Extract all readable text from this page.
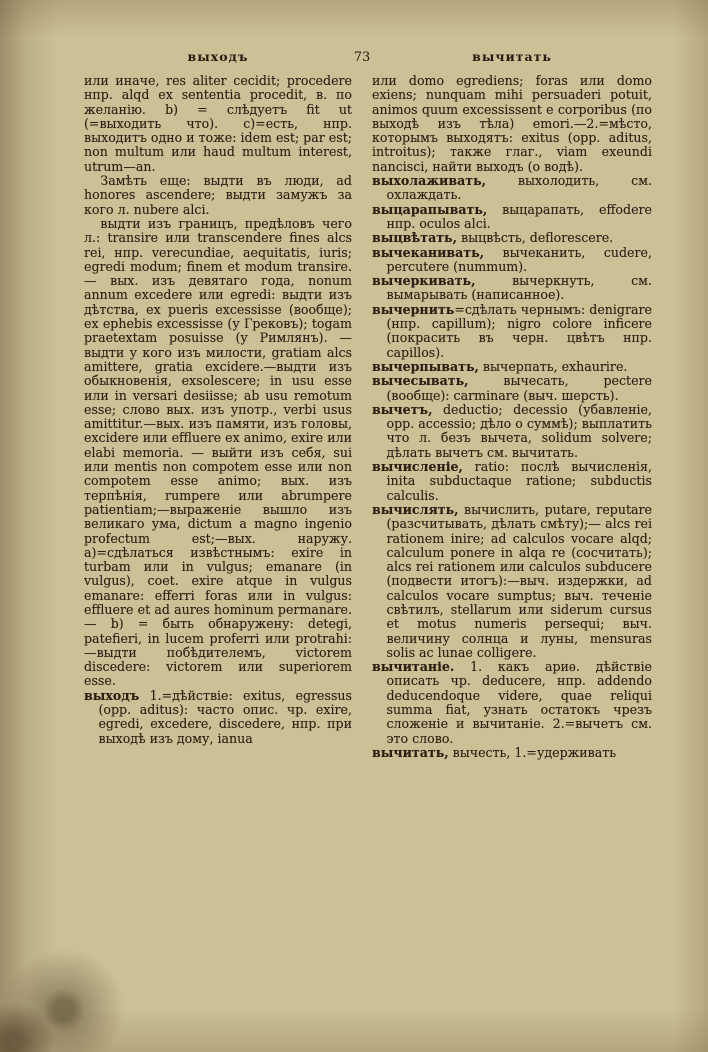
выходъ	73	вычитать

или иначе, res aliter cecidit; procedere нпр. alqd ex sententia procedit, в. по желанію. b) = слѣдуетъ fit ut (=выходить что). c)=есть, нпр. выходитъ одно и тоже: idem est; par est; non multum или haud multum interest, utrum—an.

Замѣть еще: выдти въ люди, ad honores ascendere; выдти замужъ за кого л. nubere alci.

выдти изъ границъ, предѣловъ чего л.: transire или transcendere fines alcs rei, нпр. verecundiae, aequitatis, iuris; egredi modum; finem et modum transire. — вых. изъ девятаго года, nonum annum excedere или egredi: выдти изъ дѣтства, ex pueris excessisse (вообще); ex ephebis excessisse (у Грековъ); togam praetextam posuisse (у Римлянъ). — выдти у кого изъ милости, gratiam alcs amittere, gratia excidere.—выдти изъ обыкновенія, exsolescere; in usu esse или in versari desiisse; ab usu remotum esse; слово вых. изъ употр., verbi usus amittitur.—вых. изъ памяти, изъ головы, excidere или effluere ex animo, exire или elabi memoria. — выйти изъ себя, sui или mentis non compotem esse или non compotem esse animo; вых. изъ терпѣнія, rumpere или abrumpere patientiam;—выраженіе вышло изъ великаго ума, dictum a magno ingenio profectum est;—вых. наружу. a)=сдѣлаться извѣстнымъ: exire in turbam или in vulgus; emanare (in vulgus), coet. exire atque in vulgus emanare: efferri foras или in vulgus: effluere et ad aures hominum permanare.— b) = быть обнаружену: detegi, patefieri, in lucem proferri или protrahi:—выдти побѣдителемъ, victorem discedere: victorem или superiorem esse.

выходъ 1.=дѣйствіе: exitus, egressus (opp. aditus): часто опис. чр. exire, egredi, excedere, discedere, нпр. при выходѣ изъ дому, ianua

или domo egrediens; foras или domo exiens; nunquam mihi persuaderi potuit, animos quum excessissent e corporibus (по выходѣ изъ тѣла) emori.—2.=мѣсто, которымъ выходятъ: exitus (opp. aditus, introitus); также глаг., viam exeundi nancisci, найти выходъ (о водѣ).

выхолаживать, выхолодить, см. охлаждать.

выцарапывать, выцарапать, effodere нпр. oculos alci.

выцвѣтать, выцвѣсть, deflorescere.

вычеканивать, вычеканить, cudere, percutere (nummum).

вычеркивать, вычеркнуть, см. вымарывать (написанное).

вычернить=сдѣлать чернымъ: denigrare (нпр. capillum); nigro colore inficere (покрасить въ черн. цвѣтъ нпр. capillos).

вычерпывать, вычерпать, exhaurire.

вычесывать, вычесать, pectere (вообще): carminare (выч. шерсть).

вычетъ, deductio; decessio (убавленіе, opp. accessio; дѣло о суммѣ); выплатить что л. безъ вычета, solidum solvere; дѣлать вычетъ см. вычитать.

вычисленіе, ratio: послѣ вычисленія, inita subductaque ratione; subductis calculis.

вычислять, вычислить, putare, reputare (разсчитывать, дѣлать смѣту);— alcs rei rationem inire; ad calculos vocare alqd; calculum ponere in alqa re (сосчитать); alcs rei rationem или calculos subducere (подвести итогъ):—выч. издержки, ad calculos vocare sumptus; выч. теченіе свѣтилъ, stellarum или siderum cursus et motus numeris persequi; выч. величину солнца и луны, mensuras solis ac lunae colligere.

вычитаніе. 1. какъ ариѳ. дѣйствіе описать чр. deducere, нпр. addendo deducendoque videre, quae reliqui summa fiat, узнать остатокъ чрезъ сложеніе и вычитаніе. 2.=вычетъ см. это слово.

вычитать, вычесть, 1.=удерживать
